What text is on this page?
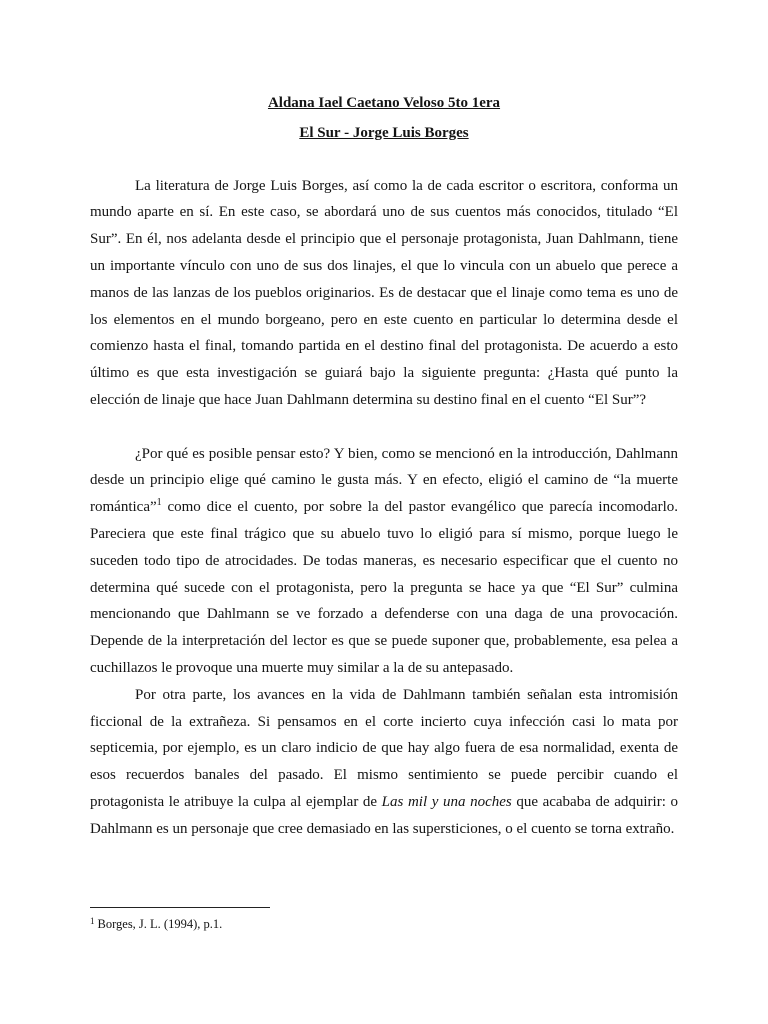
Aldana Iael Caetano Veloso 5to 1era
El Sur - Jorge Luis Borges
La literatura de Jorge Luis Borges, así como la de cada escritor o escritora, conforma un
mundo aparte en sí. En este caso, se abordará uno de sus cuentos más conocidos, titulado “El
Sur”. En él, nos adelanta desde el principio que el personaje protagonista, Juan Dahlmann, tiene
un importante vínculo con uno de sus dos linajes, el que lo vincula con un abuelo que perece a
manos de las lanzas de los pueblos originarios. Es de destacar que el linaje como tema es uno de
los elementos en el mundo borgeano, pero en este cuento en particular lo determina desde el
comienzo hasta el final, tomando partida en el destino final del protagonista. De acuerdo a esto
último es que esta investigación se guiará bajo la siguiente pregunta: ¿Hasta qué punto la
elección de linaje que hace Juan Dahlmann determina su destino final en el cuento “El Sur”?
¿Por qué es posible pensar esto? Y bien, como se mencionó en la introducción, Dahlmann
desde un principio elige qué camino le gusta más. Y en efecto, eligió el camino de “la muerte
romántica”$^1$ como dice el cuento, por sobre la del pastor evangélico que parecía incomodarlo.
Pareciera que este final trágico que su abuelo tuvo lo eligió para sí mismo, porque luego le
suceden todo tipo de atrocidades. De todas maneras, es necesario especificar que el cuento no
determina qué sucede con el protagonista, pero la pregunta se hace ya que “El Sur” culmina
mencionando que Dahlmann se ve forzado a defenderse con una daga de una provocación.
Depende de la interpretación del lector es que se puede suponer que, probablemente, esa pelea a
cuchillazos le provoque una muerte muy similar a la de su antepasado.
Por otra parte, los avances en la vida de Dahlmann también señalan esta intromisión
ficcional de la extrañeza. Si pensamos en el corte incierto cuya infección casi lo mata por
septicemia, por ejemplo, es un claro indicio de que hay algo fuera de esa normalidad, exenta de
esos recuerdos banales del pasado. El mismo sentimiento se puede percibir cuando el
protagonista le atribuye la culpa al ejemplar de Las mil y una noches que acababa de adquirir: o
Dahlmann es un personaje que cree demasiado en las supersticiones, o el cuento se torna extraño.
$^1$ Borges, J. L. (1994), p.1.
